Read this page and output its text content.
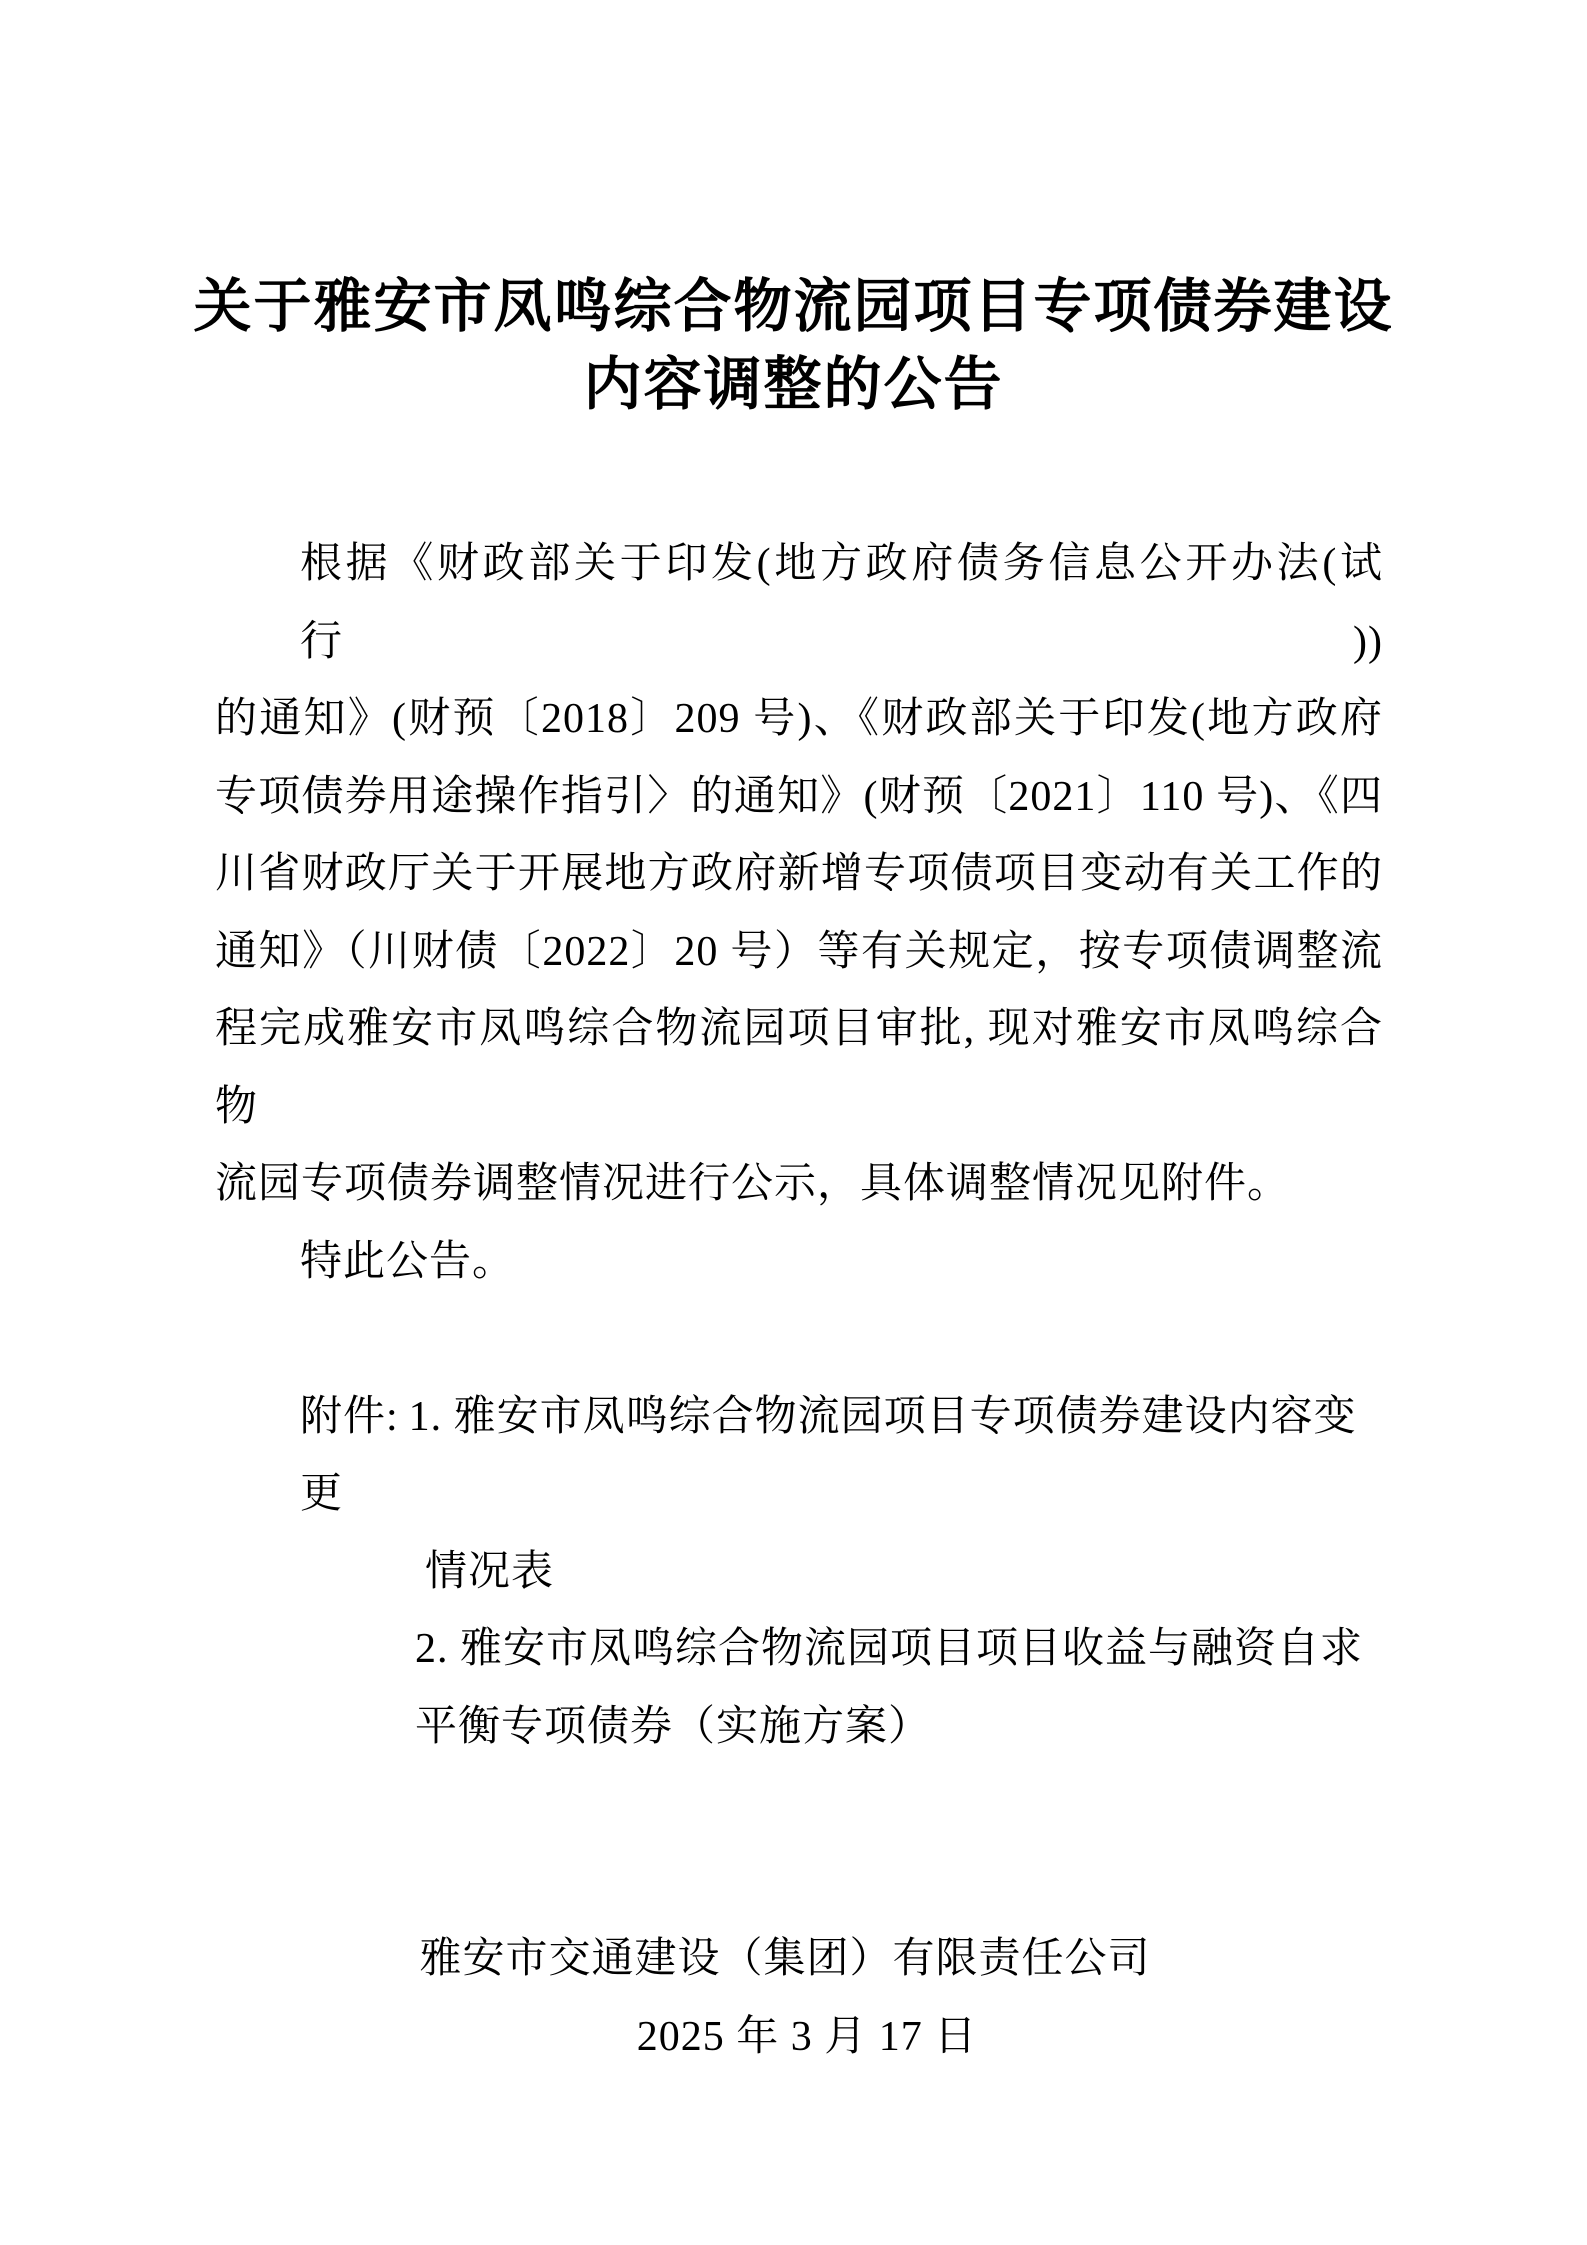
关于雅安市凤鸣综合物流园项目专项债券建设
内容调整的公告
根据《财政部关于印发(地方政府债务信息公开办法(试行))
的通知》(财预〔2018〕209 号)、《财政部关于印发(地方政府
专项债券用途操作指引〉的通知》(财预〔2021〕110 号)、《四
川省财政厅关于开展地方政府新增专项债项目变动有关工作的
通知》（川财债〔2022〕20 号）等有关规定，按专项债调整流
程完成雅安市凤鸣综合物流园项目审批, 现对雅安市凤鸣综合物
流园专项债券调整情况进行公示，具体调整情况见附件。
特此公告。
附件: 1. 雅安市凤鸣综合物流园项目专项债券建设内容变更
情况表
2. 雅安市凤鸣综合物流园项目项目收益与融资自求
平衡专项债券（实施方案）
雅安市交通建设（集团）有限责任公司
2025 年 3 月 17 日
